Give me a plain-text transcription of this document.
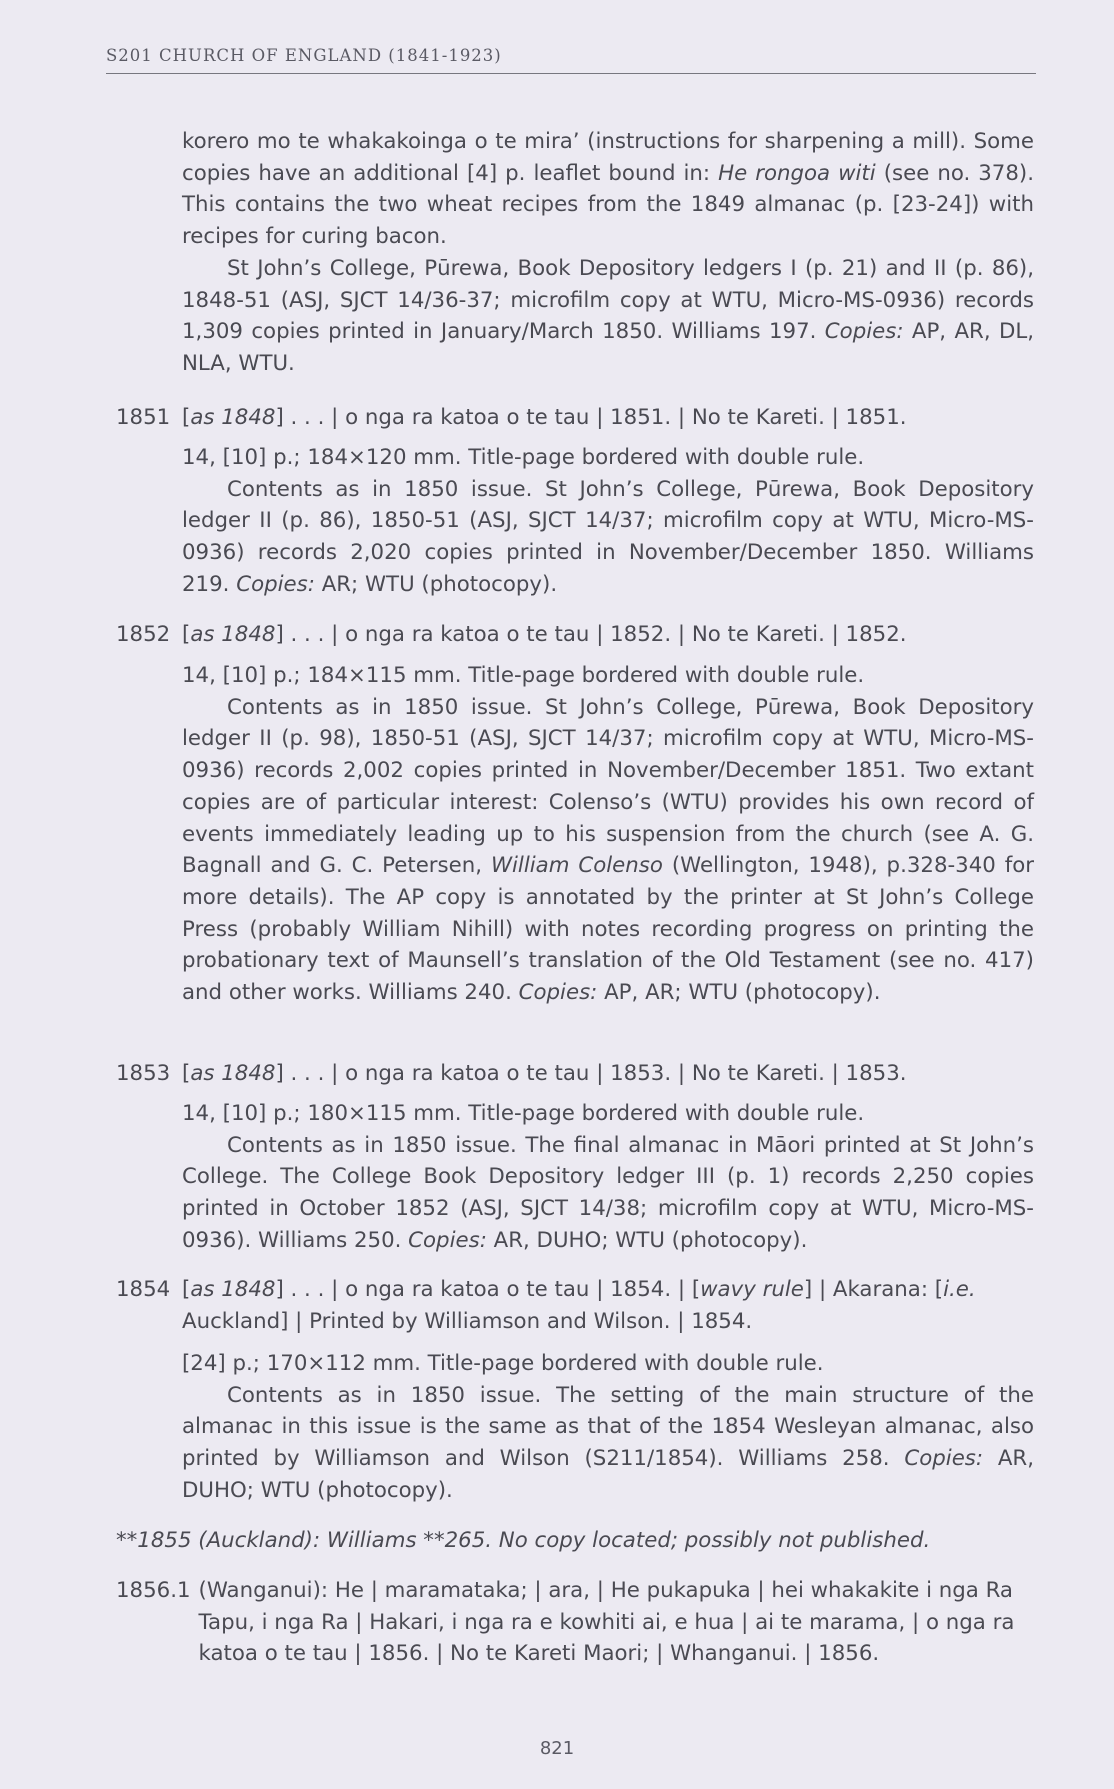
S201 CHURCH OF ENGLAND (1841-1923)

korero mo te whakakoinga o te mira’ (instructions for sharpening a mill). Some copies have an additional [4] p. leaflet bound in: He rongoa witi (see no. 378). This contains the two wheat recipes from the 1849 almanac (p. [23-24]) with recipes for curing bacon.

St John’s College, Pūrewa, Book Depository ledgers I (p. 21) and II (p. 86), 1848-51 (ASJ, SJCT 14/36-37; microfilm copy at WTU, Micro-MS-0936) records 1,309 copies printed in January/March 1850. Williams 197. Copies: AP, AR, DL, NLA, WTU.

1851 [as 1848] . . . | o nga ra katoa o te tau | 1851. | No te Kareti. | 1851.

14, [10] p.; 184×120 mm. Title-page bordered with double rule.

Contents as in 1850 issue. St John’s College, Pūrewa, Book Depository ledger II (p. 86), 1850-51 (ASJ, SJCT 14/37; microfilm copy at WTU, Micro-MS-0936) records 2,020 copies printed in November/December 1850. Williams 219. Copies: AR; WTU (photocopy).

1852 [as 1848] . . . | o nga ra katoa o te tau | 1852. | No te Kareti. | 1852.

14, [10] p.; 184×115 mm. Title-page bordered with double rule.

Contents as in 1850 issue. St John’s College, Pūrewa, Book Depository ledger II (p. 98), 1850-51 (ASJ, SJCT 14/37; microfilm copy at WTU, Micro-MS-0936) records 2,002 copies printed in November/December 1851. Two extant copies are of particular interest: Colenso’s (WTU) provides his own record of events immediately leading up to his suspension from the church (see A. G. Bagnall and G. C. Petersen, William Colenso (Wellington, 1948), p.328-340 for more details). The AP copy is annotated by the printer at St John’s College Press (probably William Nihill) with notes recording progress on printing the probationary text of Maunsell’s translation of the Old Testament (see no. 417) and other works. Williams 240. Copies: AP, AR; WTU (photocopy).

1853 [as 1848] . . . | o nga ra katoa o te tau | 1853. | No te Kareti. | 1853.

14, [10] p.; 180×115 mm. Title-page bordered with double rule.

Contents as in 1850 issue. The final almanac in Māori printed at St John’s College. The College Book Depository ledger III (p. 1) records 2,250 copies printed in October 1852 (ASJ, SJCT 14/38; microfilm copy at WTU, Micro-MS-0936). Williams 250. Copies: AR, DUHO; WTU (photocopy).

1854 [as 1848] . . . | o nga ra katoa o te tau | 1854. | [wavy rule] | Akarana: [i.e. Auckland] | Printed by Williamson and Wilson. | 1854.

[24] p.; 170×112 mm. Title-page bordered with double rule.

Contents as in 1850 issue. The setting of the main structure of the almanac in this issue is the same as that of the 1854 Wesleyan almanac, also printed by Williamson and Wilson (S211/1854). Williams 258. Copies: AR, DUHO; WTU (photocopy).

**1855 (Auckland): Williams **265. No copy located; possibly not published.
1856.1 (Wanganui): He | maramataka; | ara, | He pukapuka | hei whakakite i nga Ra Tapu, i nga Ra | Hakari, i nga ra e kowhiti ai, e hua | ai te marama, | o nga ra katoa o te tau | 1856. | No te Kareti Maori; | Whanganui. | 1856.
821
